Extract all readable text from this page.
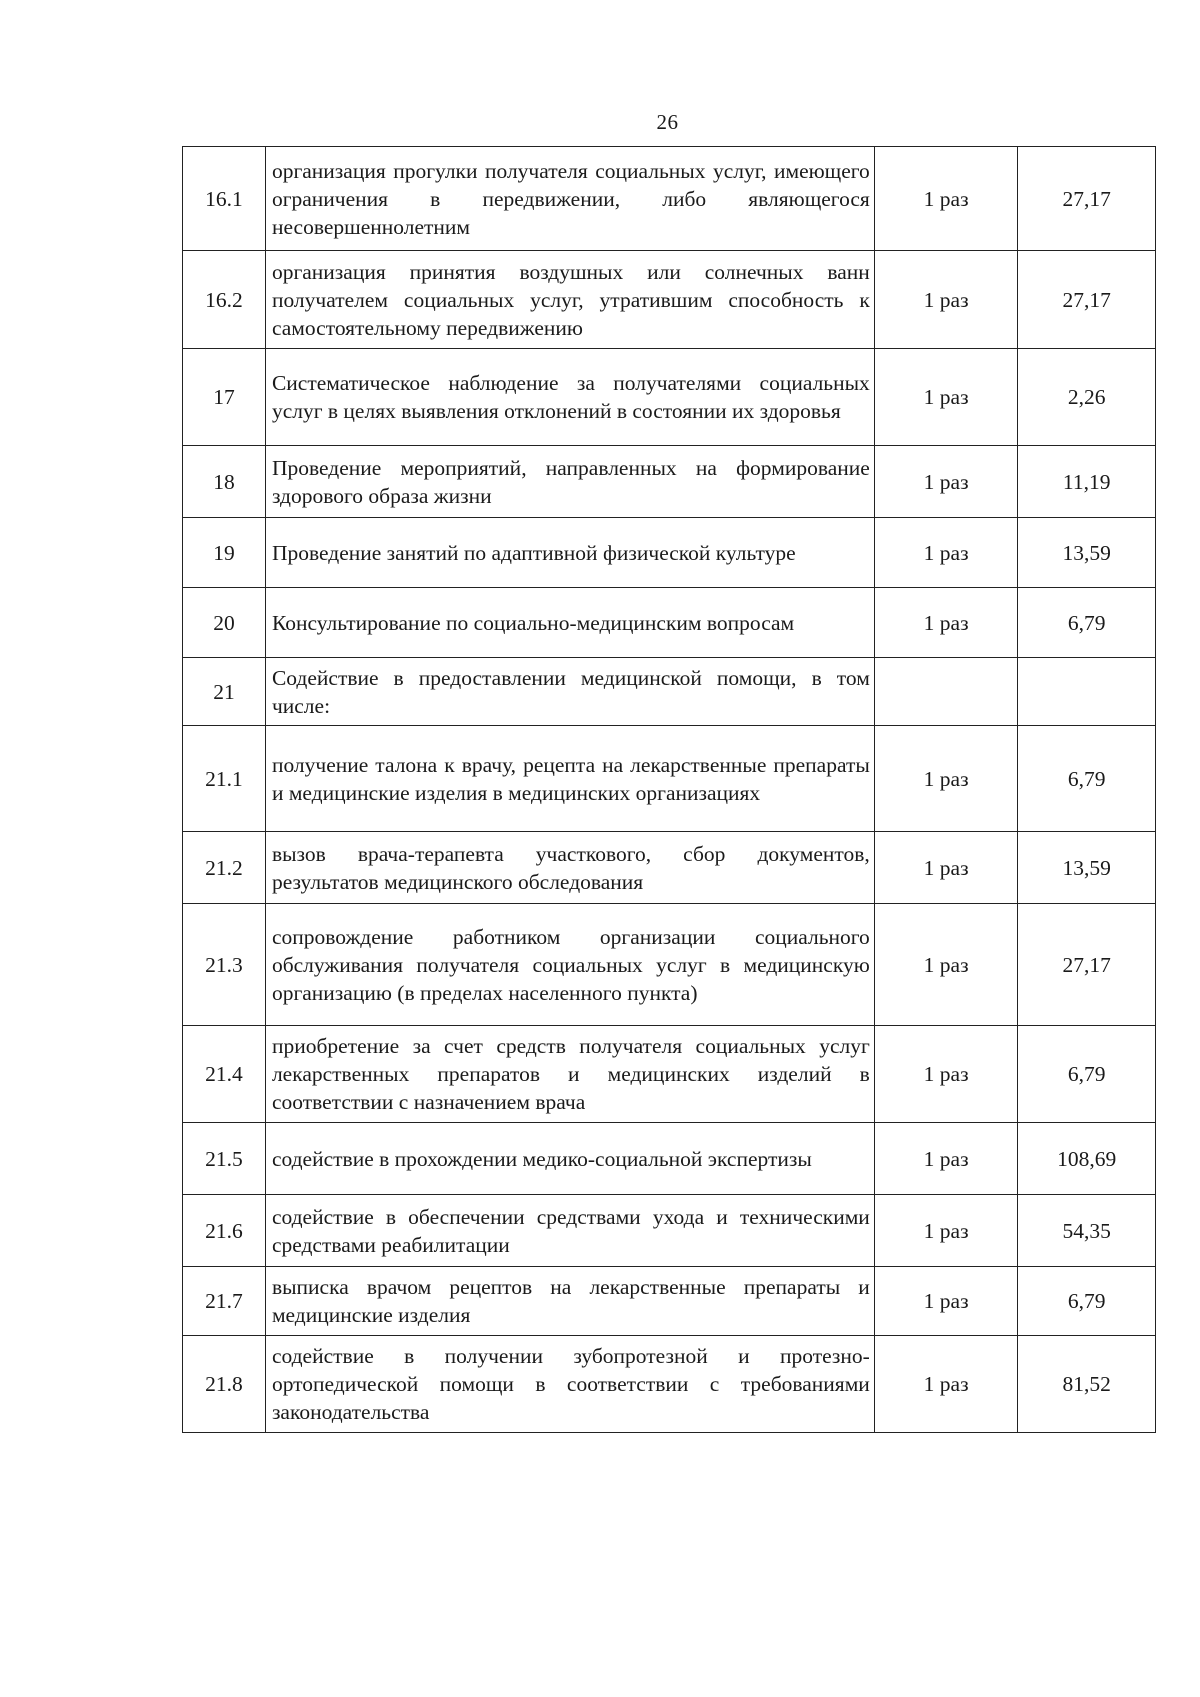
26
16.1	организация прогулки получателя социальных услуг, имеющего ограничения в передвижении, либо являющегося несовершеннолетним	1 раз	27,17
16.2	организация принятия воздушных или солнечных ванн получателем социальных услуг, утратившим способность к самостоятельному передвижению	1 раз	27,17
17	Систематическое наблюдение за получателями социальных услуг в целях выявления отклонений в состоянии их здоровья	1 раз	2,26
18	Проведение мероприятий, направленных на формирование здорового образа жизни	1 раз	11,19
19	Проведение занятий по адаптивной физической культуре	1 раз	13,59
20	Консультирование по социально-медицинским вопросам	1 раз	6,79
21	Содействие в предоставлении медицинской помощи, в том числе:		
21.1	получение талона к врачу, рецепта на лекарственные препараты и медицинские изделия в медицинских организациях	1 раз	6,79
21.2	вызов врача-терапевта участкового, сбор документов, результатов медицинского обследования	1 раз	13,59
21.3	сопровождение работником организации социального обслуживания получателя социальных услуг в медицинскую организацию (в пределах населенного пункта)	1 раз	27,17
21.4	приобретение за счет средств получателя социальных услуг лекарственных препаратов и медицинских изделий в соответствии с назначением врача	1 раз	6,79
21.5	содействие в прохождении медико-социальной экспертизы	1 раз	108,69
21.6	содействие в обеспечении средствами ухода и техническими средствами реабилитации	1 раз	54,35
21.7	выписка врачом рецептов на лекарственные препараты и медицинские изделия	1 раз	6,79
21.8	содействие в получении зубопротезной и протезно-ортопедической помощи в соответствии с требованиями законодательства	1 раз	81,52
